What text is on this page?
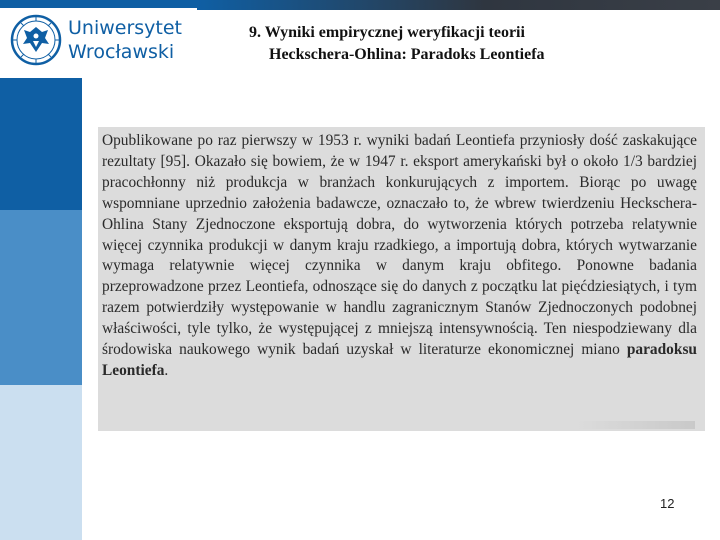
Uniwersytet
Wrocławski
9. Wyniki empirycznej weryfikacji teorii
Heckschera-Ohlina: Paradoks Leontiefa
Opublikowane po raz pierwszy w 1953 r. wyniki badań Leontiefa przyniosły dość zaskakujące rezultaty [95]. Okazało się bowiem, że w 1947 r. eksport amerykański był o około 1/3 bardziej pracochłonny niż produkcja w branżach konkurujących z importem. Biorąc po uwagę wspomniane uprzednio założenia badawcze, oznaczało to, że wbrew twierdzeniu Heckschera-Ohlina Stany Zjednoczone eksportują dobra, do wytworzenia których potrzeba relatywnie więcej czynnika produkcji w danym kraju rzadkiego, a importują dobra, których wytwarzanie wymaga relatywnie więcej czynnika w danym kraju obfitego. Ponowne badania przeprowadzone przez Leontiefa, odnoszące się do danych z początku lat pięćdziesiątych, i tym razem potwierdziły występowanie w handlu zagranicznym Stanów Zjednoczonych podobnej właściwości, tyle tylko, że występującej z mniejszą intensywnością. Ten niespodziewany dla środowiska naukowego wynik badań uzyskał w literaturze ekonomicznej miano paradoksu Leontiefa.
12
